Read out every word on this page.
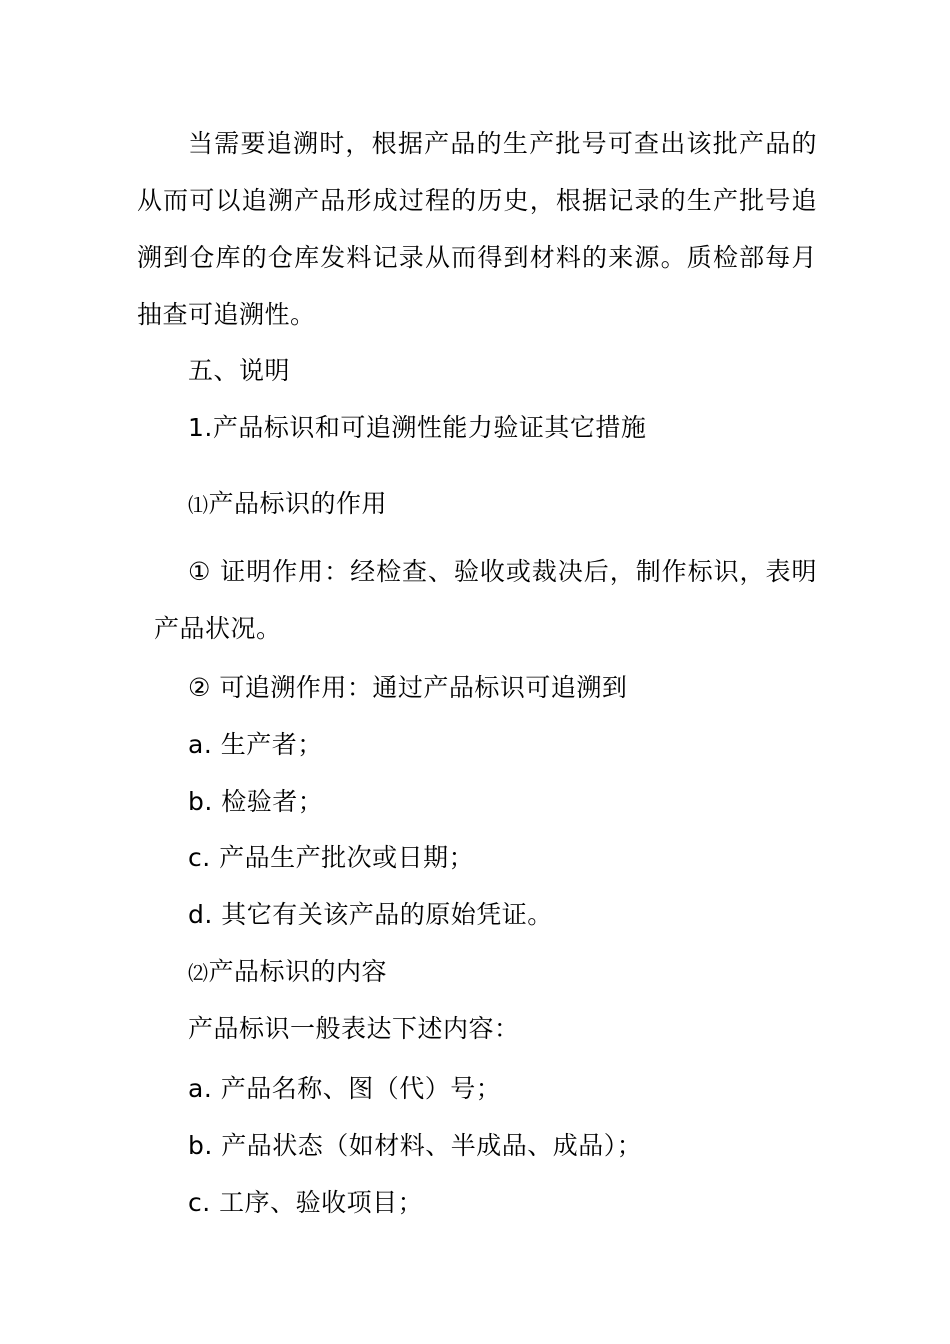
当需要追溯时，根据产品的生产批号可查出该批产品的
从而可以追溯产品形成过程的历史，根据记录的生产批号追
溯到仓库的仓库发料记录从而得到材料的来源。质检部每月
抽查可追溯性。
五、说明
1.产品标识和可追溯性能力验证其它措施
⑴产品标识的作用
① 证明作用：经检查、验收或裁决后，制作标识，表明
产品状况。
② 可追溯作用：通过产品标识可追溯到
a. 生产者；
b. 检验者；
c. 产品生产批次或日期；
d. 其它有关该产品的原始凭证。
⑵产品标识的内容
产品标识一般表达下述内容：
a. 产品名称、图（代）号；
b. 产品状态（如材料、半成品、成品）；
c. 工序、验收项目；
